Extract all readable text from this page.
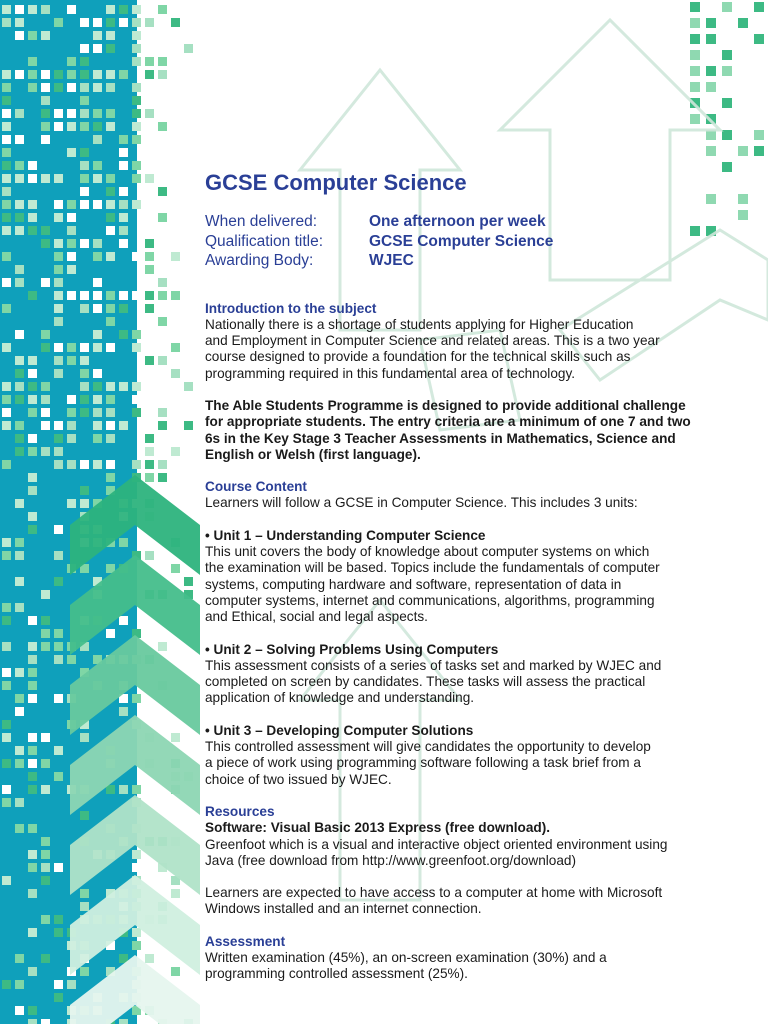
GCSE Computer Science
When delivered:	One afternoon per week
Qualification title:	GCSE Computer Science
Awarding Body:	WJEC
Introduction to the subject

Nationally there is a shortage of students applying for Higher Education

and Employment in Computer Science and related areas. This is a two year

course designed to provide a foundation for the technical skills such as

programming required in this fundamental area of technology.

The Able Students Programme is designed to provide additional challenge

for appropriate students. The entry criteria are a minimum of one 7 and two

6s in the Key Stage 3 Teacher Assessments in Mathematics, Science and

English or Welsh (first language).

Course Content

Learners will follow a GCSE in Computer Science. This includes 3 units:

• Unit 1 – Understanding Computer Science

This unit covers the body of knowledge about computer systems on which

the examination will be based. Topics include the fundamentals of computer

systems, computing hardware and software, representation of data in

computer systems, internet and communications, algorithms, programming

and Ethical, social and legal aspects.

• Unit 2 – Solving Problems Using Computers

This assessment consists of a series of tasks set and marked by WJEC and

completed on screen by candidates. These tasks will assess the practical

application of knowledge and understanding.

• Unit 3 – Developing Computer Solutions

This controlled assessment will give candidates the opportunity to develop

a piece of work using programming software following a task brief from a

choice of two issued by WJEC.

Resources

Software: Visual Basic 2013 Express (free download).

Greenfoot which is a visual and interactive object oriented environment using

Java (free download from http://www.greenfoot.org/download)

Learners are expected to have access to a computer at home with Microsoft

Windows installed and an internet connection.

Assessment

Written examination (45%), an on-screen examination (30%) and a

programming controlled assessment (25%).
